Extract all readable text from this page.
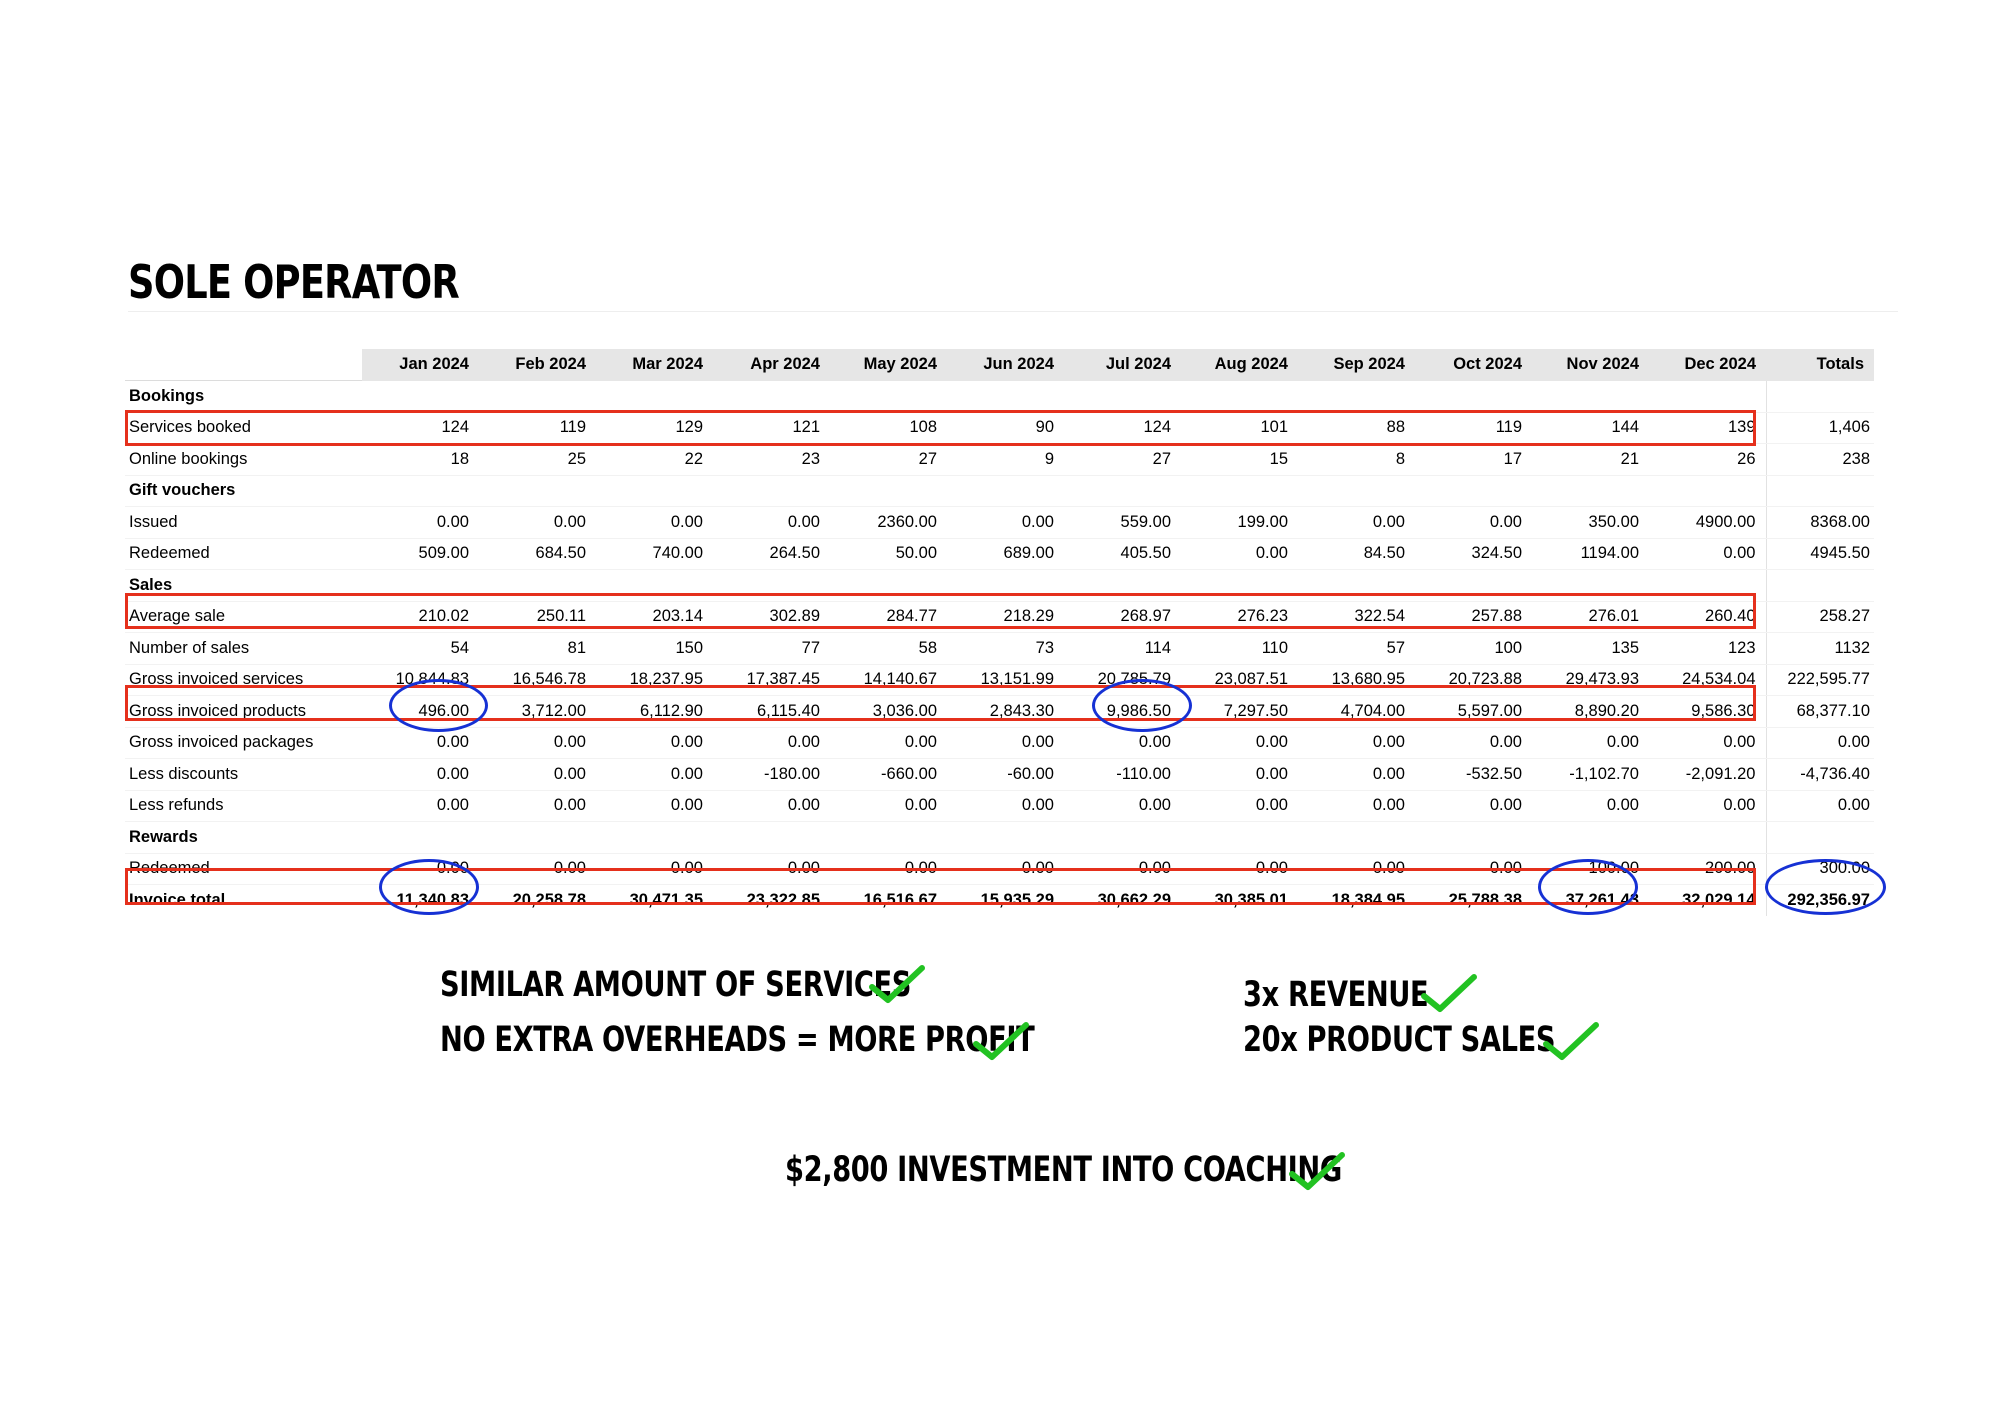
SOLE OPERATOR
	Jan 2024	Feb 2024	Mar 2024	Apr 2024	May 2024	Jun 2024	Jul 2024	Aug 2024	Sep 2024	Oct 2024	Nov 2024	Dec 2024	Totals
Bookings													
Services booked	124	119	129	121	108	90	124	101	88	119	144	139	1,406
Online bookings	18	25	22	23	27	9	27	15	8	17	21	26	238
Gift vouchers													
Issued	0.00	0.00	0.00	0.00	2360.00	0.00	559.00	199.00	0.00	0.00	350.00	4900.00	8368.00
Redeemed	509.00	684.50	740.00	264.50	50.00	689.00	405.50	0.00	84.50	324.50	1194.00	0.00	4945.50
Sales													
Average sale	210.02	250.11	203.14	302.89	284.77	218.29	268.97	276.23	322.54	257.88	276.01	260.40	258.27
Number of sales	54	81	150	77	58	73	114	110	57	100	135	123	1132
Gross invoiced services	10,844.83	16,546.78	18,237.95	17,387.45	14,140.67	13,151.99	20,785.79	23,087.51	13,680.95	20,723.88	29,473.93	24,534.04	222,595.77
Gross invoiced products	496.00	3,712.00	6,112.90	6,115.40	3,036.00	2,843.30	9,986.50	7,297.50	4,704.00	5,597.00	8,890.20	9,586.30	68,377.10
Gross invoiced packages	0.00	0.00	0.00	0.00	0.00	0.00	0.00	0.00	0.00	0.00	0.00	0.00	0.00
Less discounts	0.00	0.00	0.00	-180.00	-660.00	-60.00	-110.00	0.00	0.00	-532.50	-1,102.70	-2,091.20	-4,736.40
Less refunds	0.00	0.00	0.00	0.00	0.00	0.00	0.00	0.00	0.00	0.00	0.00	0.00	0.00
Rewards													
Redeemed	0.00	0.00	0.00	0.00	0.00	0.00	0.00	0.00	0.00	0.00	100.00	200.00	300.00
Invoice total	11,340.83	20,258.78	30,471.35	23,322.85	16,516.67	15,935.29	30,662.29	30,385.01	18,384.95	25,788.38	37,261.43	32,029.14	292,356.97

SIMILAR AMOUNT OF SERVICES

NO EXTRA OVERHEADS = MORE PROFIT

3x REVENUE

20x PRODUCT SALES

$2,800 INVESTMENT INTO COACHING
